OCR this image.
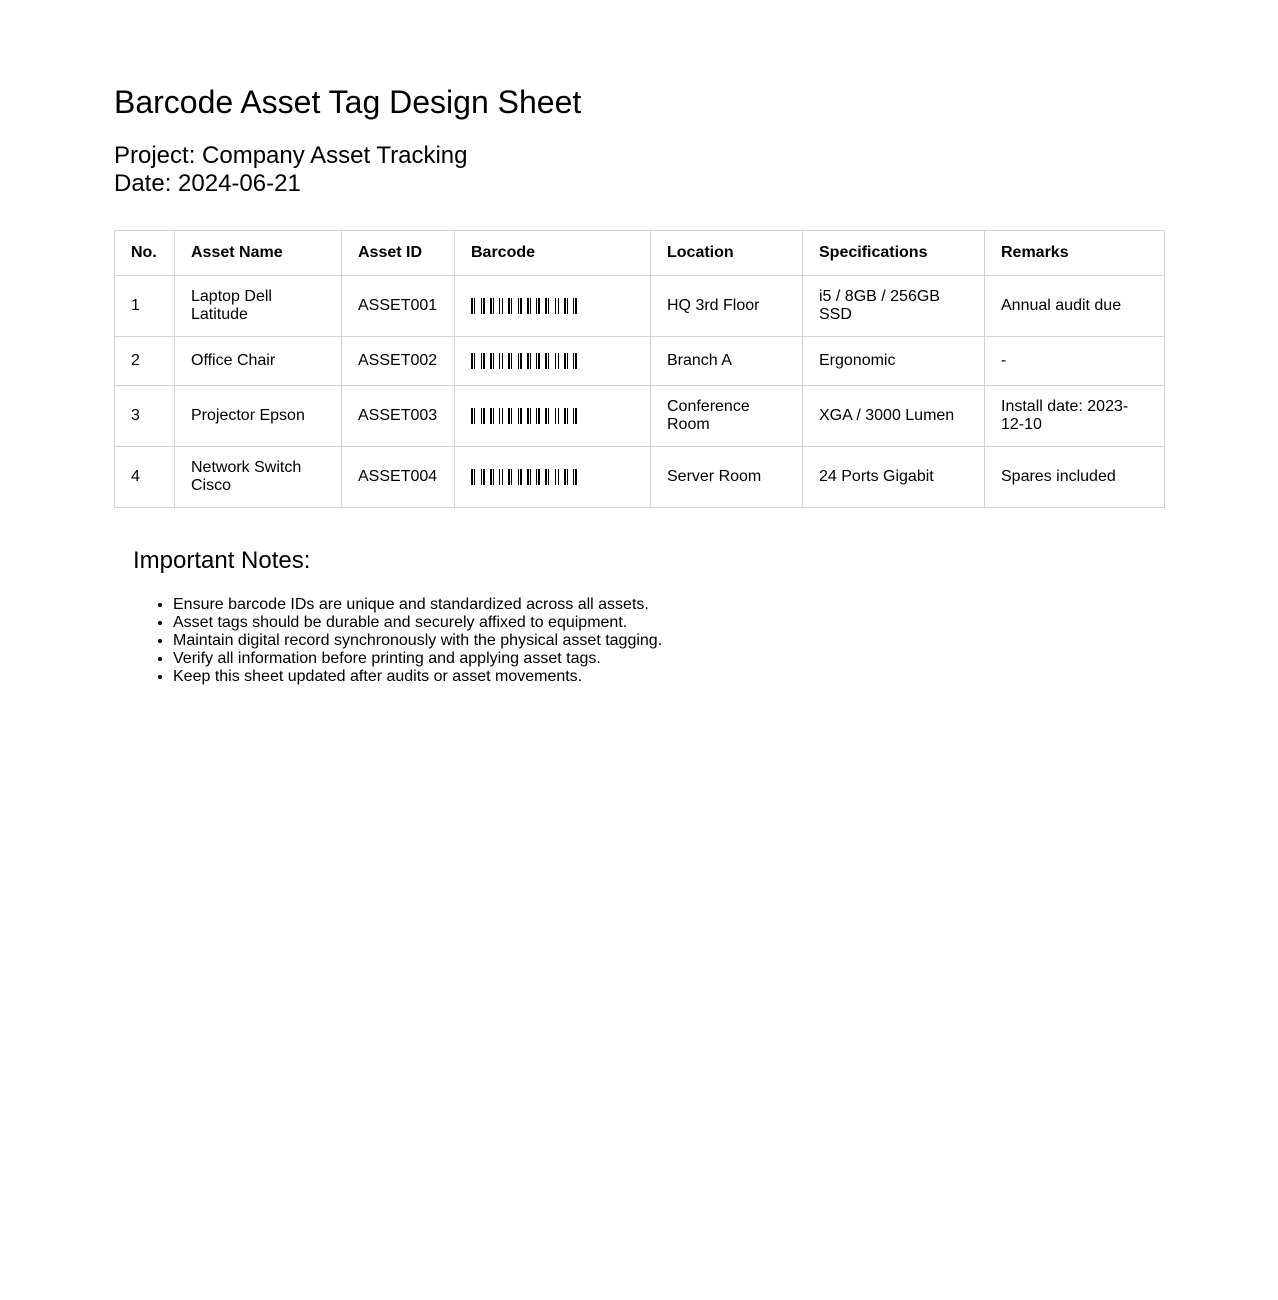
Barcode Asset Tag Design Sheet
Project: Company Asset Tracking
Date: 2024-06-21
No.	Asset Name	Asset ID	Barcode	Location	Specifications	Remarks
1	Laptop Dell Latitude	ASSET001		HQ 3rd Floor	i5 / 8GB / 256GB SSD	Annual audit due
2	Office Chair	ASSET002		Branch A	Ergonomic	-
3	Projector Epson	ASSET003		Conference Room	XGA / 3000 Lumen	Install date: 2023-12-10
4	Network Switch Cisco	ASSET004		Server Room	24 Ports Gigabit	Spares included
Important Notes:
• Ensure barcode IDs are unique and standardized across all assets.
• Asset tags should be durable and securely affixed to equipment.
• Maintain digital record synchronously with the physical asset tagging.
• Verify all information before printing and applying asset tags.
• Keep this sheet updated after audits or asset movements.
